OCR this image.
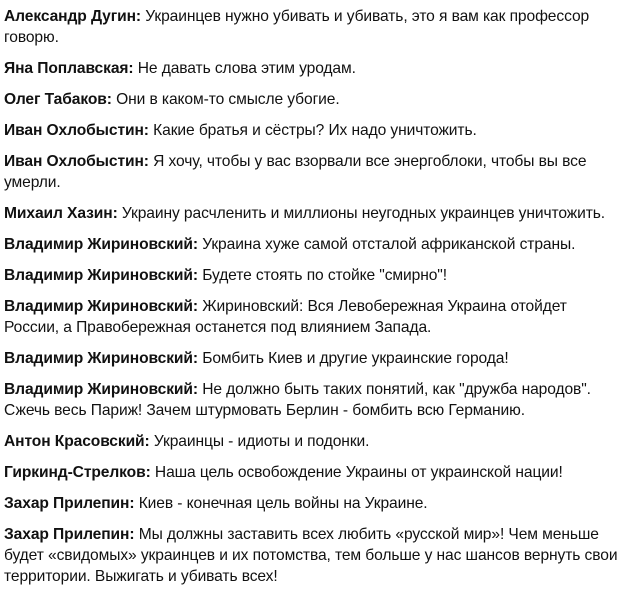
Александр Дугин: Украинцев нужно убивать и убивать, это я вам как профессор говорю.

Яна Поплавская: Не давать слова этим уродам.

Олег Табаков: Они в каком-то смысле убогие.

Иван Охлобыстин: Какие братья и сёстры? Их надо уничтожить.

Иван Охлобыстин: Я хочу, чтобы у вас взорвали все энергоблоки, чтобы вы все умерли.

Михаил Хазин: Украину расчленить и миллионы неугодных украинцев уничтожить.

Владимир Жириновский: Украина хуже самой отсталой африканской страны.

Владимир Жириновский: Будете стоять по стойке "смирно"!

Владимир Жириновский: Жириновский: Вся Левобережная Украина отойдет России, а Правобережная останется под влиянием Запада.

Владимир Жириновский: Бомбить Киев и другие украинские города!

Владимир Жириновский: Не должно быть таких понятий, как "дружба народов". Сжечь весь Париж! Зачем штурмовать Берлин - бомбить всю Германию.

Антон Красовский: Украинцы - идиоты и подонки.

Гиркинд-Стрелков: Наша цель освобождение Украины от украинской нации!

Захар Прилепин: Киев - конечная цель войны на Украине.

Захар Прилепин: Мы должны заставить всех любить «русской мир»! Чем меньше будет «свидомых» украинцев и их потомства, тем больше у нас шансов вернуть свои территории. Выжигать и убивать всех!
